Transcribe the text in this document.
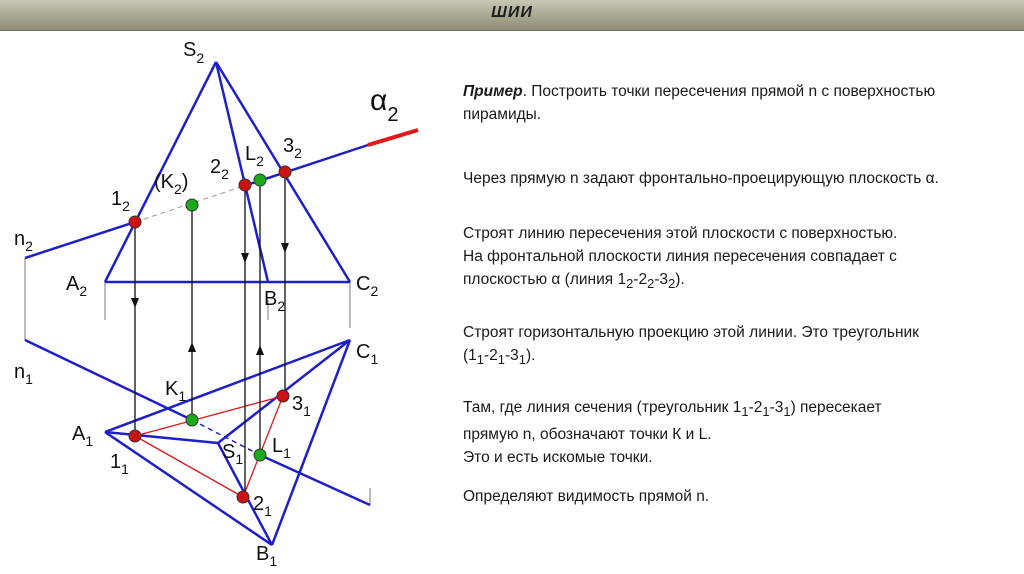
ШИИ
$S_2$
$\alpha_2$
$n_2$
$A_2$	$B_2$
$C_2$
$1_2$
$(K_2)$
$2_2$
$L_2$
$3_2$
$n_1$
$C_1$
$A_1$
$B_1$
$S_1$
$K_1$
$L_1$
$1_1$
$2_1$
$3_1$

Пример. Построить точки пересечения прямой n с поверхностью пирамиды.

Через прямую n задают фронтально-проецирующую плоскость α.

Строят линию пересечения этой плоскости с поверхностью.
На фронтальной плоскости линия пересечения совпадает с
плоскостью α (линия $1_2-2_2-3_2$).

Строят горизонтальную проекцию этой линии. Это треугольник
$(1_1-2_1-3_1)$.

Там, где линия сечения (треугольник $1_1-2_1-3_1$) пересекает
прямую n, обозначают точки К и L.
Это и есть искомые точки.

Определяют видимость прямой n.
